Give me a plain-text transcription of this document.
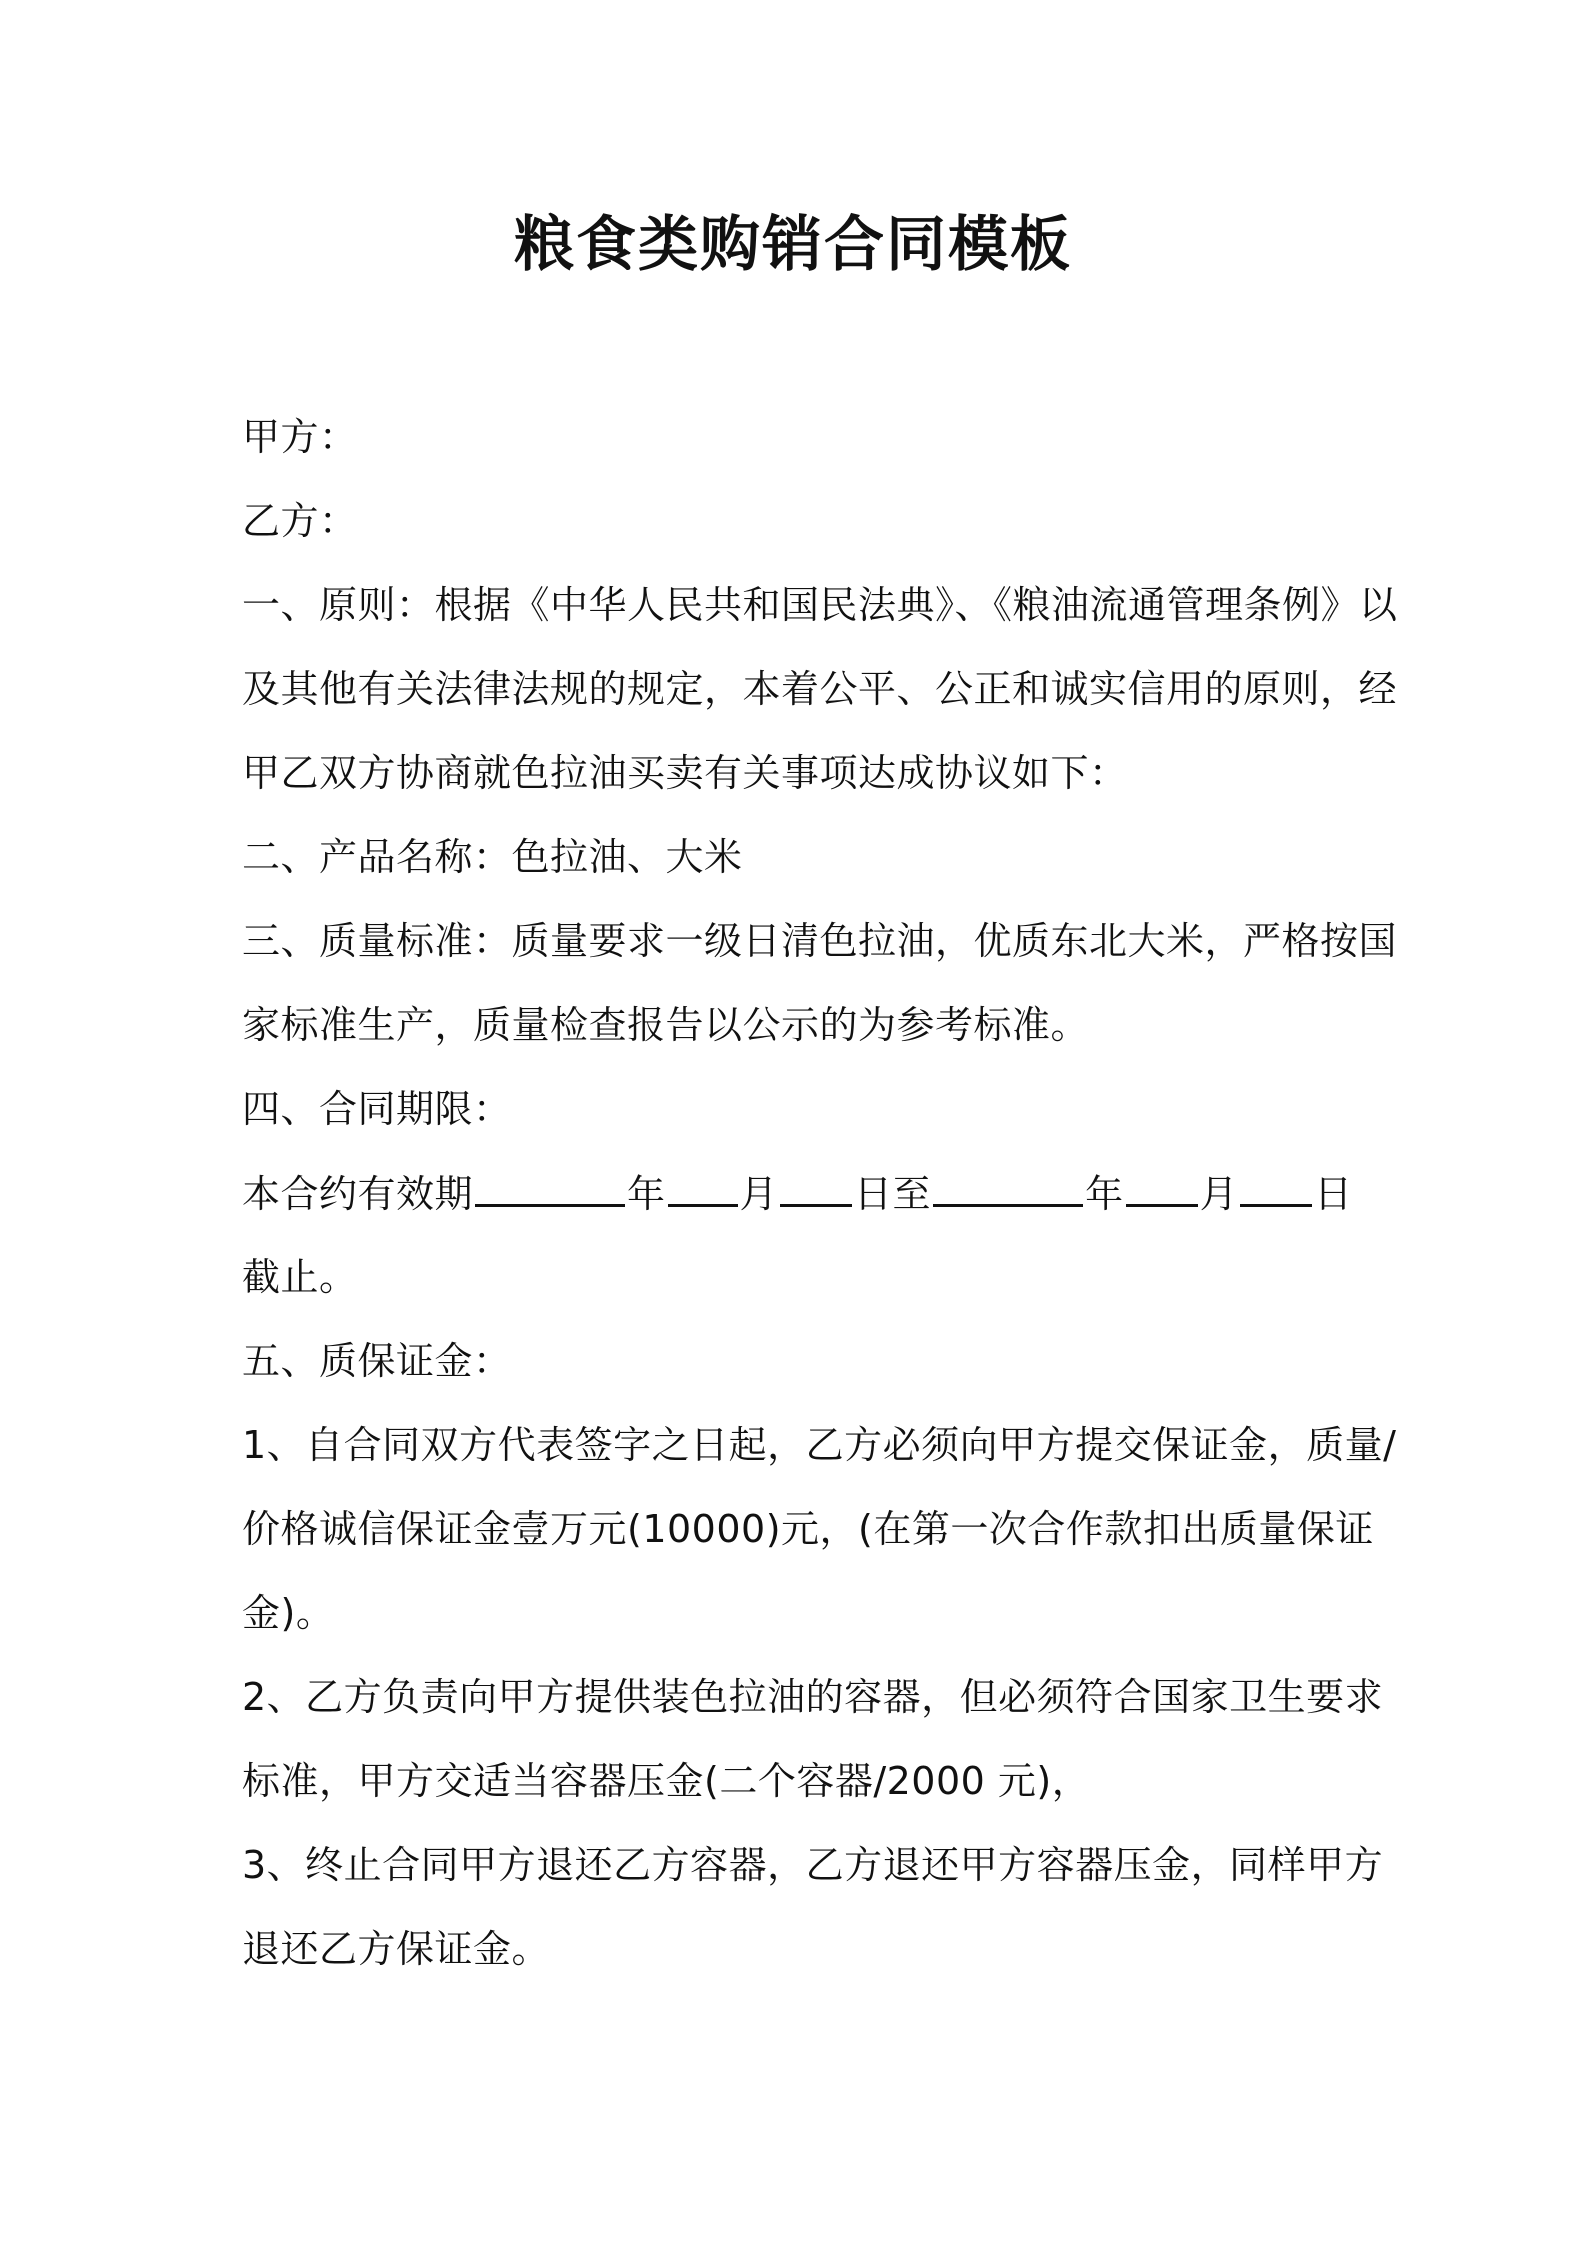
粮食类购销合同模板
甲方：
乙方：
一、原则：根据《中华人民共和国民法典》、《粮油流通管理条例》以
及其他有关法律法规的规定，本着公平、公正和诚实信用的原则，经
甲乙双方协商就色拉油买卖有关事项达成协议如下：
二、产品名称：色拉油、大米
三、质量标准：质量要求一级日清色拉油，优质东北大米，严格按国
家标准生产，质量检查报告以公示的为参考标准。
四、合同期限：
本合约有效期	年 月 日至	年 月 日
截止。
五、质保证金：
1、自合同双方代表签字之日起，乙方必须向甲方提交保证金，质量/
价格诚信保证金壹万元(10000)元，(在第一次合作款扣出质量保证
金)。
2、乙方负责向甲方提供装色拉油的容器，但必须符合国家卫生要求
标准，甲方交适当容器压金(二个容器/2000 元)，
3、终止合同甲方退还乙方容器，乙方退还甲方容器压金，同样甲方
退还乙方保证金。
